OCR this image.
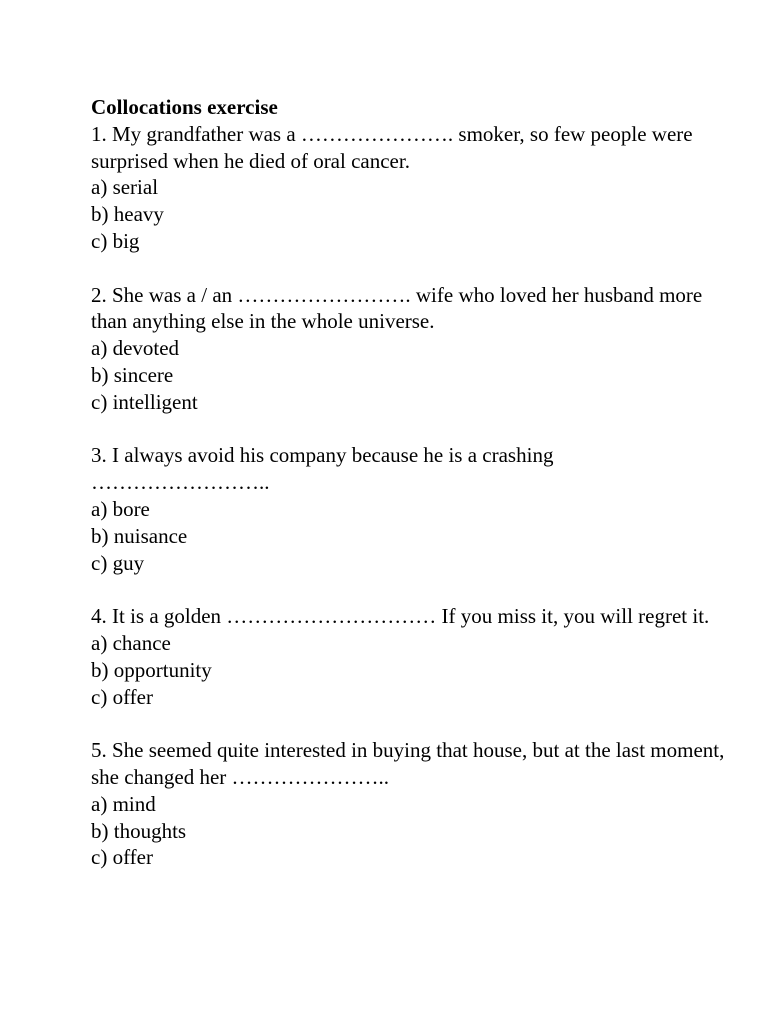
Collocations exercise

1. My grandfather was a …………………. smoker, so few people were surprised when he died of oral cancer.

a) serial

b) heavy

c) big

2. She was a / an ……………………. wife who loved her husband more than anything else in the whole universe.

a) devoted

b) sincere

c) intelligent

3. I always avoid his company because he is a crashing ……………………..

a) bore

b) nuisance

c) guy

4. It is a golden ………………………… If you miss it, you will regret it.

a) chance

b) opportunity

c) offer

5. She seemed quite interested in buying that house, but at the last moment, she changed her …………………..

a) mind

b) thoughts

c) offer
